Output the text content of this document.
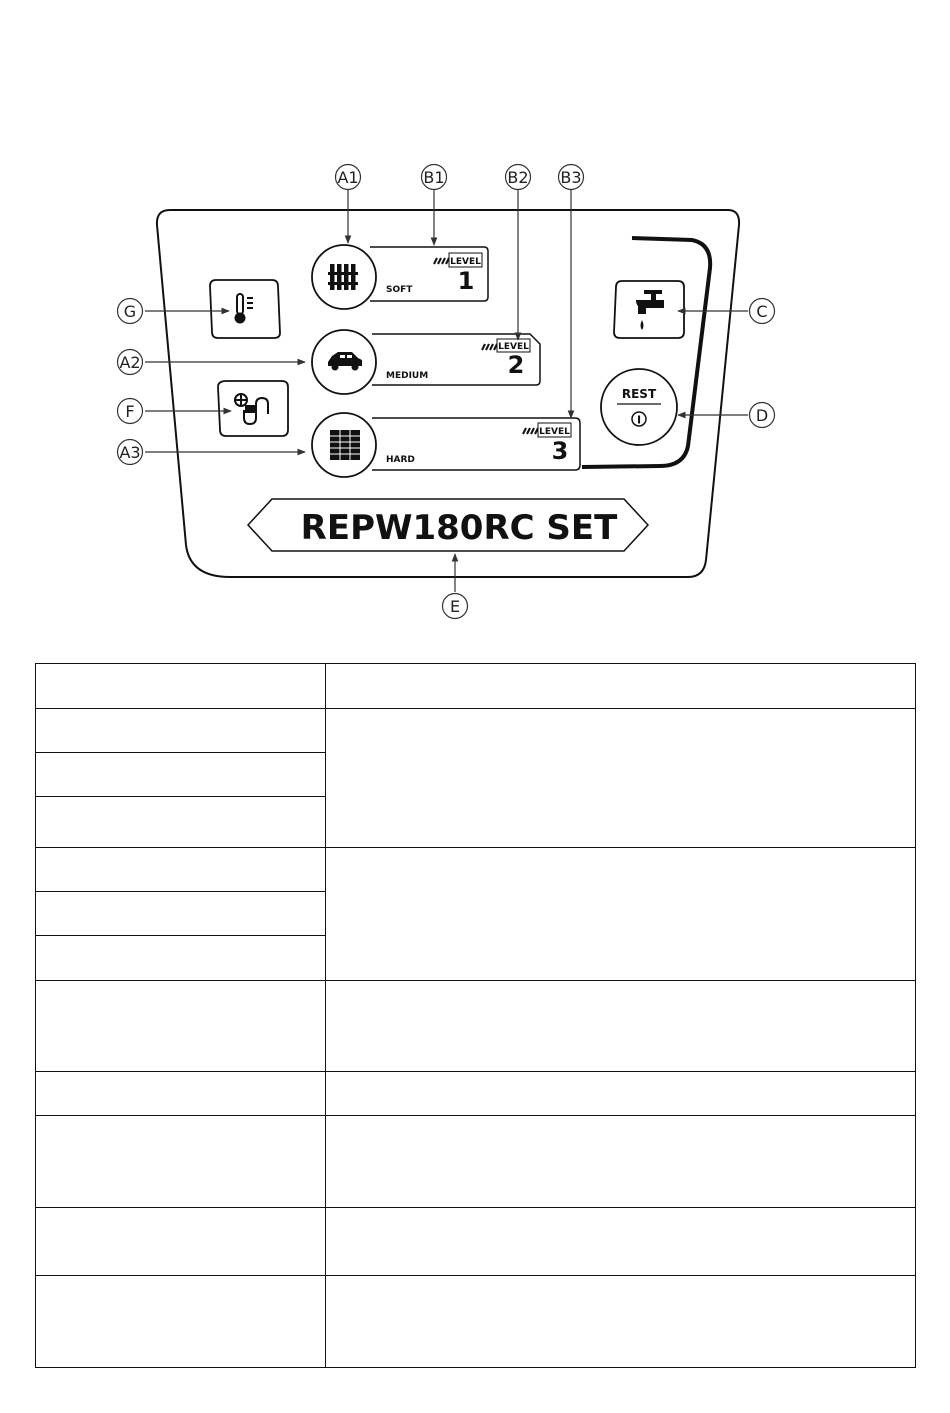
LEVEL
1
SOFT
LEVEL
2
MEDIUM
LEVEL
3
HARD
REST
I
REPW180RC SET
A1	B1	B2 B3
G
A2
F
A3
C
D
E
